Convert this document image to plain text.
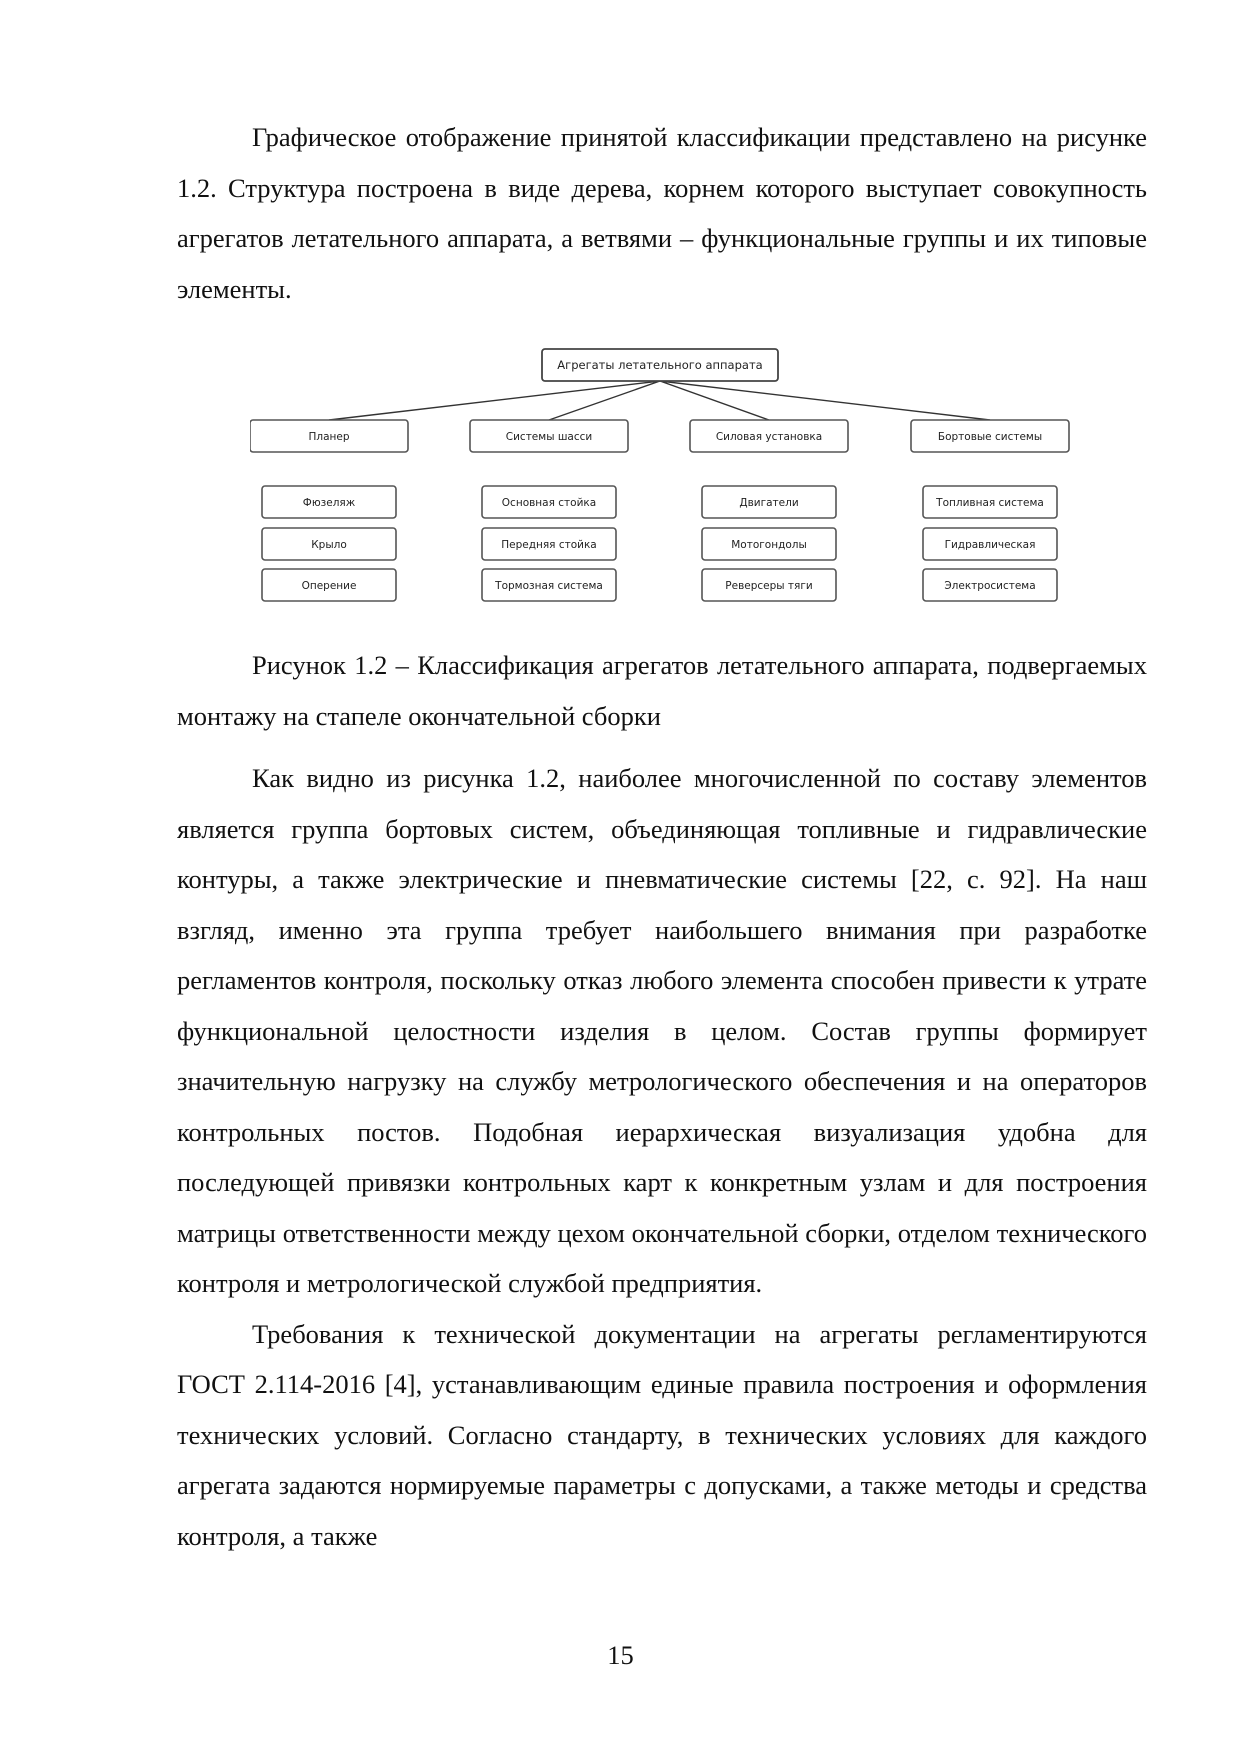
Графическое отображение принятой классификации представлено на рисунке 1.2. Структура построена в виде дерева, корнем которого выступает совокупность агрегатов летательного аппарата, а ветвями – функциональные группы и их типовые элементы.

Агрегаты летательного аппарата
Планер
Фюзеляж
Крыло
Оперение
Системы шасси
Основная стойка
Передняя стойка
Тормозная система
Силовая установка
Двигатели
Мотогондолы
Реверсеры тяги
Бортовые системы
Топливная система
Гидравлическая
Электросистема

Рисунок 1.2 – Классификация агрегатов летательного аппарата, подвергаемых монтажу на стапеле окончательной сборки

Как видно из рисунка 1.2, наиболее многочисленной по составу элементов является группа бортовых систем, объединяющая топливные и гидравлические контуры, а также электрические и пневматические системы [22, с. 92]. На наш взгляд, именно эта группа требует наибольшего внимания при разработке регламентов контроля, поскольку отказ любого элемента способен привести к утрате функциональной целостности изделия в целом. Состав группы формирует значительную нагрузку на службу метрологического обеспечения и на операторов контрольных постов. Подобная иерархическая визуализация удобна для последующей привязки контрольных карт к конкретным узлам и для построения матрицы ответственности между цехом окончательной сборки, отделом технического контроля и метрологической службой предприятия.

Требования к технической документации на агрегаты регламентируются ГОСТ 2.114-2016 [4], устанавливающим единые правила построения и оформления технических условий. Согласно стандарту, в технических условиях для каждого агрегата задаются нормируемые параметры с допусками, а также методы и средства контроля, а также

15
